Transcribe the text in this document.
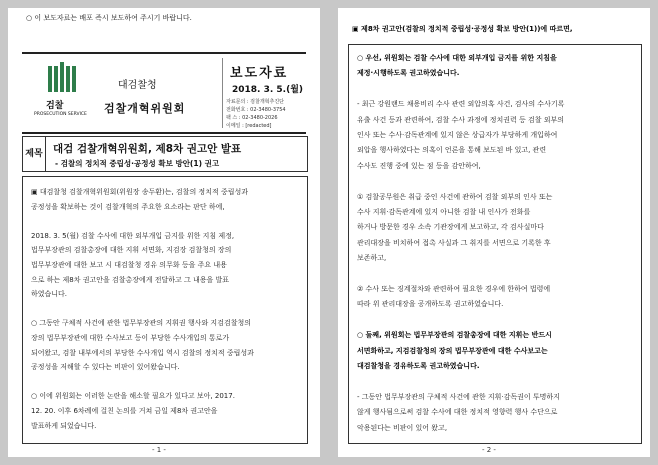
○ 이 보도자료는 배포 즉시 보도하여 주시기 바랍니다.
검찰
PROSECUTION SERVICE
대검찰청
검찰개혁위원회
보도자료
2018. 3. 5.(월)
자료문의 : 검찰개혁추진단
전화번호 : 02-3480-3754
팩 스 : 02-3480-2026
이메일 : [redacted]
제목 대검 검찰개혁위원회, 제8차 권고안 발표
- 검찰의 정치적 중립성·공정성 확보 방안(1) 권고
▣ 대검찰청 검찰개혁위원회(위원장 송두환)는, 검찰의 정치적 중립성과
공정성을 확보하는 것이 검찰개혁의 주요한 요소라는 판단 하에,
2018. 3. 5(월) 검찰 수사에 대한 외부개입 금지를 위한 지침 제정,
법무부장관의 검찰총장에 대한 지휘 서면화, 지검장 검찰청의 장의
법무부장관에 대한 보고 시 대검찰청 경유 의무화 등을 주요 내용
으로 하는 제8차 권고안을 검찰총장에게 전달하고 그 내용을 발표
하였습니다.
○ 그동안 구체적 사건에 관한 법무부장관의 지휘권 행사와 지검검찰청의
장의 법무부장관에 대한 수사보고 등이 부당한 수사개입의 통로가
되어왔고, 검찰 내부에서의 부당한 수사개입 역시 검찰의 정치적 중립성과
공정성을 저해할 수 있다는 비판이 있어왔습니다.
○ 이에 위원회는 이러한 논란을 해소할 필요가 있다고 보아, 2017.
12. 20. 이후 6차례에 걸친 논의를 거쳐 금일 제8차 권고안을
발표하게 되었습니다.
- 1 -
▣ 제8차 권고안(검찰의 정치적 중립성·공정성 확보 방안(1))에 따르면,
○ 우선, 위원회는 검찰 수사에 대한 외부개입 금지를 위한 지침을
제정·시행하도록 권고하였습니다.
- 최근 강원랜드 채용비리 수사 관련 외압의혹 사건, 검사의 수사기록
유출 사건 등과 관련하여, 검찰 수사 과정에 정치권력 등 검찰 외부의
인사 또는 수사·감독관계에 있지 않은 상급자가 부당하게 개입하여
외압을 행사하였다는 의혹이 언론을 통해 보도된 바 있고, 관련
수사도 진행 중에 있는 점 등을 감안하여,
① 검찰공무원은 취급 중인 사건에 관하여 검찰 외부의 인사 또는
수사 지휘·감독관계에 있지 아니한 검찰 내 인사가 전화를
하거나 방문한 경우 소속 기관장에게 보고하고, 각 검사실마다
관리대장을 비치하여 접촉 사실과 그 취지를 서면으로 기록한 후
보존하고,
② 수사 또는 징계절차와 관련하여 필요한 경우에 한하여 법령에
따라 위 관리대장을 공개하도록 권고하였습니다.
○ 둘째, 위원회는 법무부장관의 검찰총장에 대한 지휘는 반드시
서면화하고, 지검검찰청의 장의 법무부장관에 대한 수사보고는
대검찰청을 경유하도록 권고하였습니다.
- 그동안 법무부장관의 구체적 사건에 관한 지휘·감독권이 투명하지
않게 행사됨으로써 검찰 수사에 대한 정치적 영향력 행사 수단으로
악용된다는 비판이 있어 왔고,
- 2 -
